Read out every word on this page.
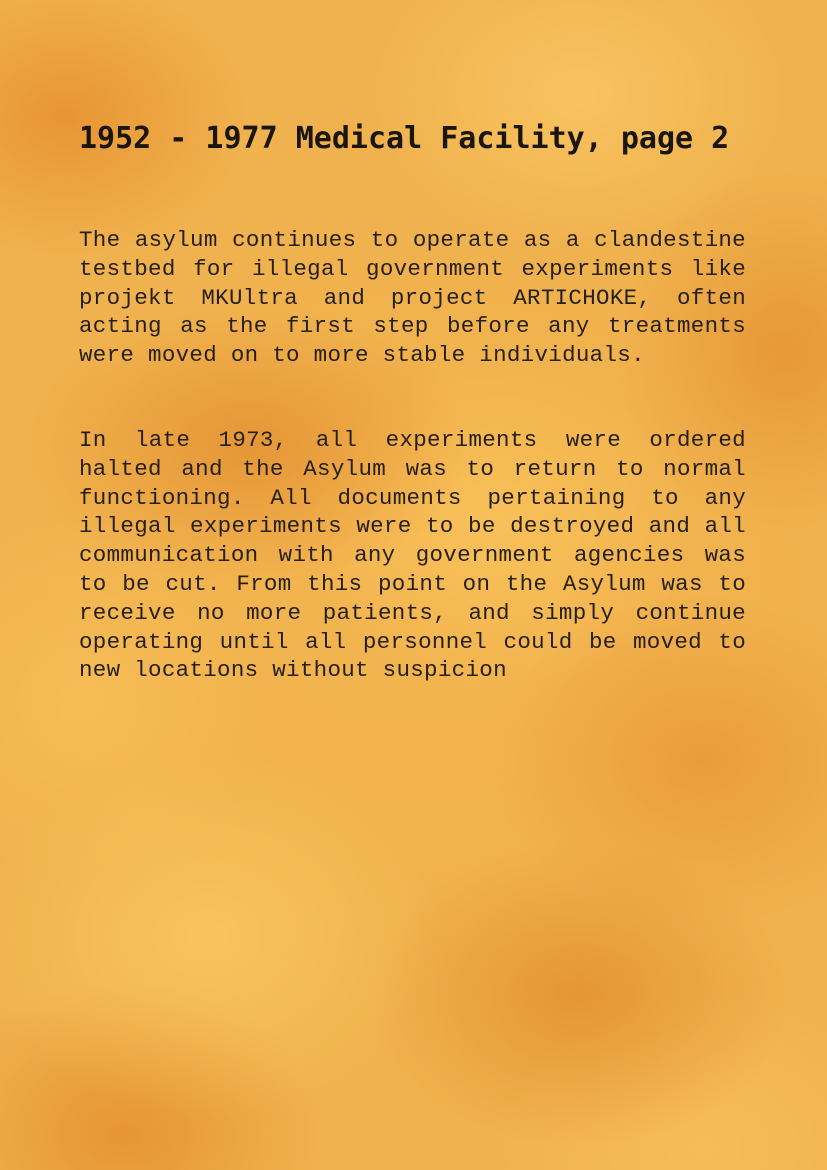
1952 - 1977 Medical Facility, page 2

The asylum continues to operate as a clandestine testbed for illegal government experiments like projekt MKUltra and project ARTICHOKE, often acting as the first step before any treatments were moved on to more stable individuals.

In late 1973, all experiments were ordered halted and the Asylum was to return to normal functioning. All documents pertaining to any illegal experiments were to be destroyed and all communication with any government agencies was to be cut. From this point on the Asylum was to receive no more patients, and simply continue operating until all personnel could be moved to new locations without suspicion
